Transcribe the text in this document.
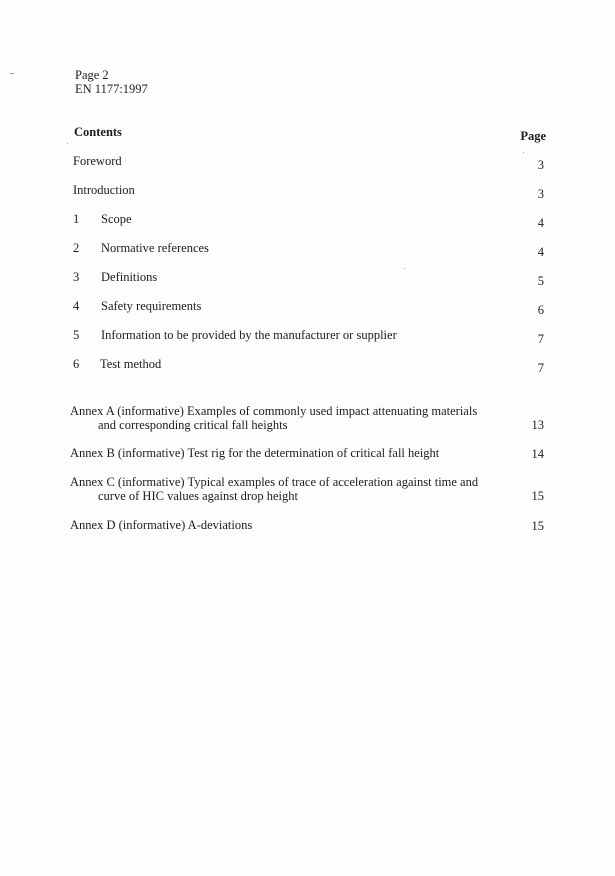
Page 2
EN 1177:1997
Contents	Page
Foreword	3
Introduction	3
1 Scope	4
2 Normative references	4
3 Definitions	5
4 Safety requirements	6
5 Information to be provided by the manufacturer or supplier	7
6 Test method	7
Annex A (informative) Examples of commonly used impact attenuating materials
and corresponding critical fall heights	13
Annex B (informative) Test rig for the determination of critical fall height	14
Annex C (informative) Typical examples of trace of acceleration against time and
curve of HIC values against drop height	15
Annex D (informative) A-deviations	15
